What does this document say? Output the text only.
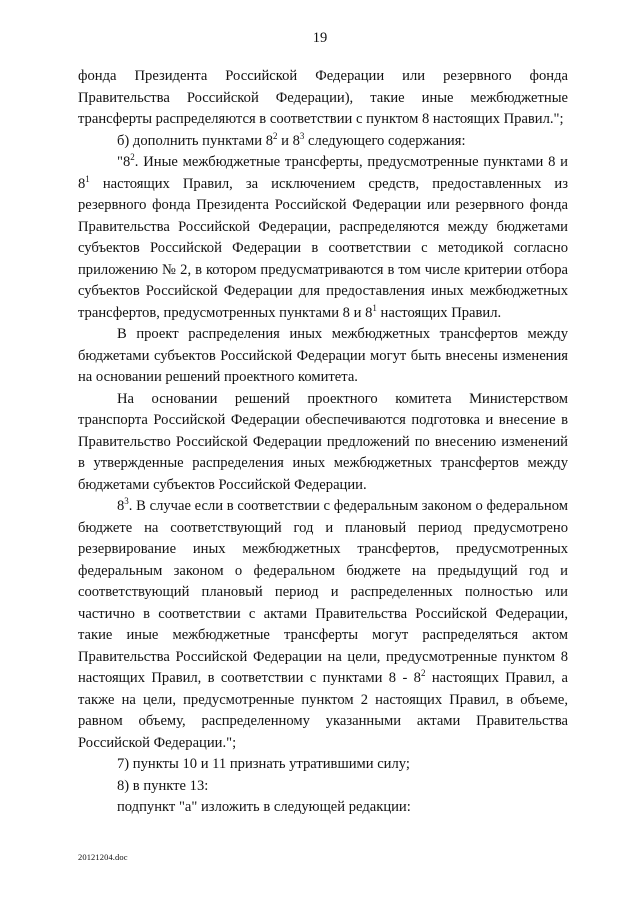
19

фонда Президента Российской Федерации или резервного фонда Правительства Российской Федерации), такие иные межбюджетные трансферты распределяются в соответствии с пунктом 8 настоящих Правил.";

б) дополнить пунктами $8^2$ и $8^3$ следующего содержания:

"$8^2$. Иные межбюджетные трансферты, предусмотренные пунктами 8 и $8^1$ настоящих Правил, за исключением средств, предоставленных из резервного фонда Президента Российской Федерации или резервного фонда Правительства Российской Федерации, распределяются между бюджетами субъектов Российской Федерации в соответствии с методикой согласно приложению № 2, в котором предусматриваются в том числе критерии отбора субъектов Российской Федерации для предоставления иных межбюджетных трансфертов, предусмотренных пунктами 8 и $8^1$ настоящих Правил.

В проект распределения иных межбюджетных трансфертов между бюджетами субъектов Российской Федерации могут быть внесены изменения на основании решений проектного комитета.

На основании решений проектного комитета Министерством транспорта Российской Федерации обеспечиваются подготовка и внесение в Правительство Российской Федерации предложений по внесению изменений в утвержденные распределения иных межбюджетных трансфертов между бюджетами субъектов Российской Федерации.

$8^3$. В случае если в соответствии с федеральным законом о федеральном бюджете на соответствующий год и плановый период предусмотрено резервирование иных межбюджетных трансфертов, предусмотренных федеральным законом о федеральном бюджете на предыдущий год и соответствующий плановый период и распределенных полностью или частично в соответствии с актами Правительства Российской Федерации, такие иные межбюджетные трансферты могут распределяться актом Правительства Российской Федерации на цели, предусмотренные пунктом 8 настоящих Правил, в соответствии с пунктами $8 - 8^2$ настоящих Правил, а также на цели, предусмотренные пунктом 2 настоящих Правил, в объеме, равном объему, распределенному указанными актами Правительства Российской Федерации.";

7) пункты 10 и 11 признать утратившими силу;

8) в пункте 13:

подпункт "а" изложить в следующей редакции:

20121204.doc
